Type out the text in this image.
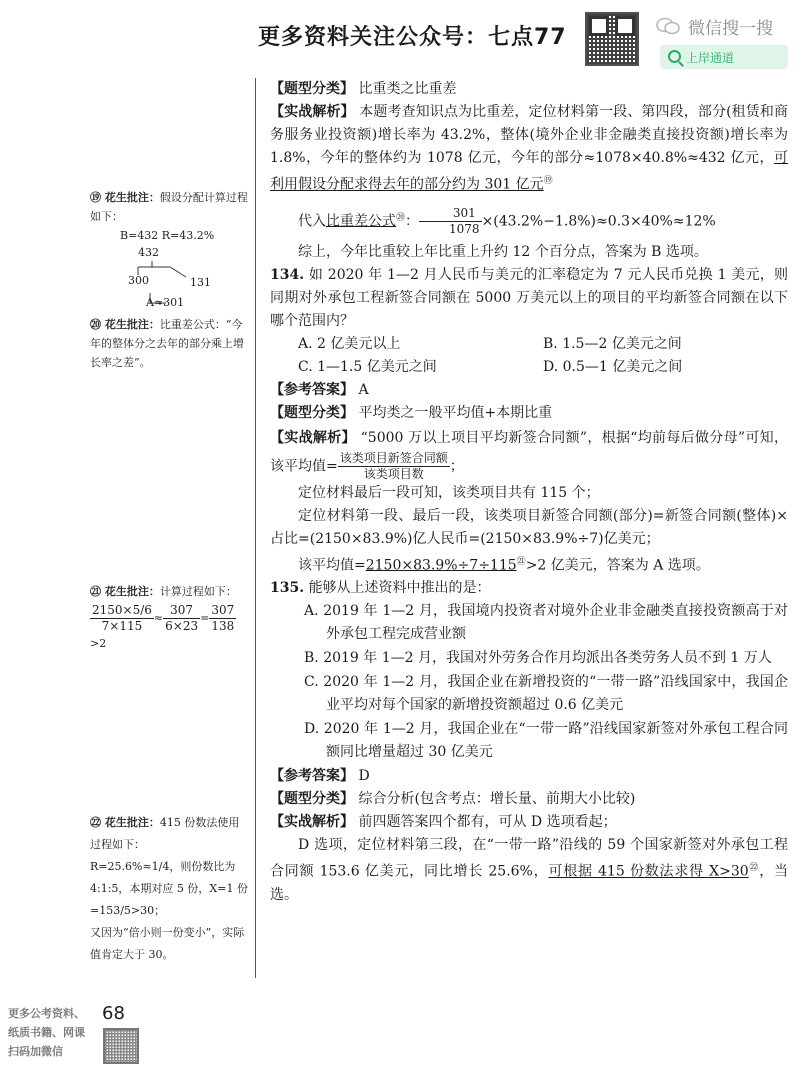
更多资料关注公众号：七点77	微信搜一搜
上岸通道

⑲ 花生批注：假设分配计算过程如下：

B=432 R=43.2%

432
300	131
A≈301

⑳ 花生批注：比重差公式：“今年的整体分之去年的部分乘上增长率之差”。

㉑ 花生批注：计算过程如下：

$\frac{2150\times 5/6}{7\times 115} \approx \frac{307}{6\times 23} = \frac{307}{138}$
>2

㉒ 花生批注：415 份数法使用过程如下：

R=25.6%≈1/4，则份数比为 4:1:5，本期对应 5 份，X=1 份=153/5>30；

又因为“倍小则一份变小”，实际值肯定大于 30。

【题型分类】 比重类之比重差

【实战解析】 本题考查知识点为比重差，定位材料第一段、第四段，部分(租赁和商务服务业投资额)增长率为 43.2%，整体(境外企业非金融类直接投资额)增长率为 1.8%，今年的整体约为 1078 亿元，今年的部分≈1078×40.8%≈432 亿元，可利用假设分配求得去年的部分约为 301 亿元⑲

代入比重差公式⑳： $\frac{301}{1078} \times(43.2\%-1.8\%)\approx 0.3\times 40\%\approx 12\%$

综上，今年比重较上年比重上升约 12 个百分点，答案为 B 选项。

134. 如 2020 年 1—2 月人民币与美元的汇率稳定为 7 元人民币兑换 1 美元，则同期对外承包工程新签合同额在 5000 万美元以上的项目的平均新签合同额在以下哪个范围内？

A. 2 亿美元以上	B. 1.5—2 亿美元之间
C. 1—1.5 亿美元之间	D. 0.5—1 亿美元之间

【参考答案】 A

【题型分类】 平均类之一般平均值+本期比重

【实战解析】 “5000 万以上项目平均新签合同额”，根据“均前每后做分母”可知，该平均值= $\frac{\text{该类项目新签合同额}}{\text{该类项目数}}$ ；

定位材料最后一段可知，该类项目共有 115 个；

定位材料第一段、最后一段，该类项目新签合同额(部分)=新签合同额(整体)×占比=(2150×83.9%)亿人民币=(2150×83.9%÷7)亿美元；

该平均值$=2150\times 83.9\%\div 7\div 115^㉑>2$ 亿美元，答案为 A 选项。

135. 能够从上述资料中推出的是：

A. 2019 年 1—2 月，我国境内投资者对境外企业非金融类直接投资额高于对外承包工程完成营业额

B. 2019 年 1—2 月，我国对外劳务合作月均派出各类劳务人员不到 1 万人

C. 2020 年 1—2 月，我国企业在新增投资的“一带一路”沿线国家中，我国企业平均对每个国家的新增投资额超过 0.6 亿美元

D. 2020 年 1—2 月，我国企业在“一带一路”沿线国家新签对外承包工程合同额同比增量超过 30 亿美元

【参考答案】 D

【题型分类】 综合分析(包含考点：增长量、前期大小比较)

【实战解析】 前四题答案四个都有，可从 D 选项看起；

D 选项，定位材料第三段，在“一带一路”沿线的 59 个国家新签对外承包工程合同额 153.6 亿美元，同比增长 25.6%，可根据 415 份数法求得 $X>30^㉒$，当选。

68
更多公考资料、
纸质书籍、网课
扫码加微信
